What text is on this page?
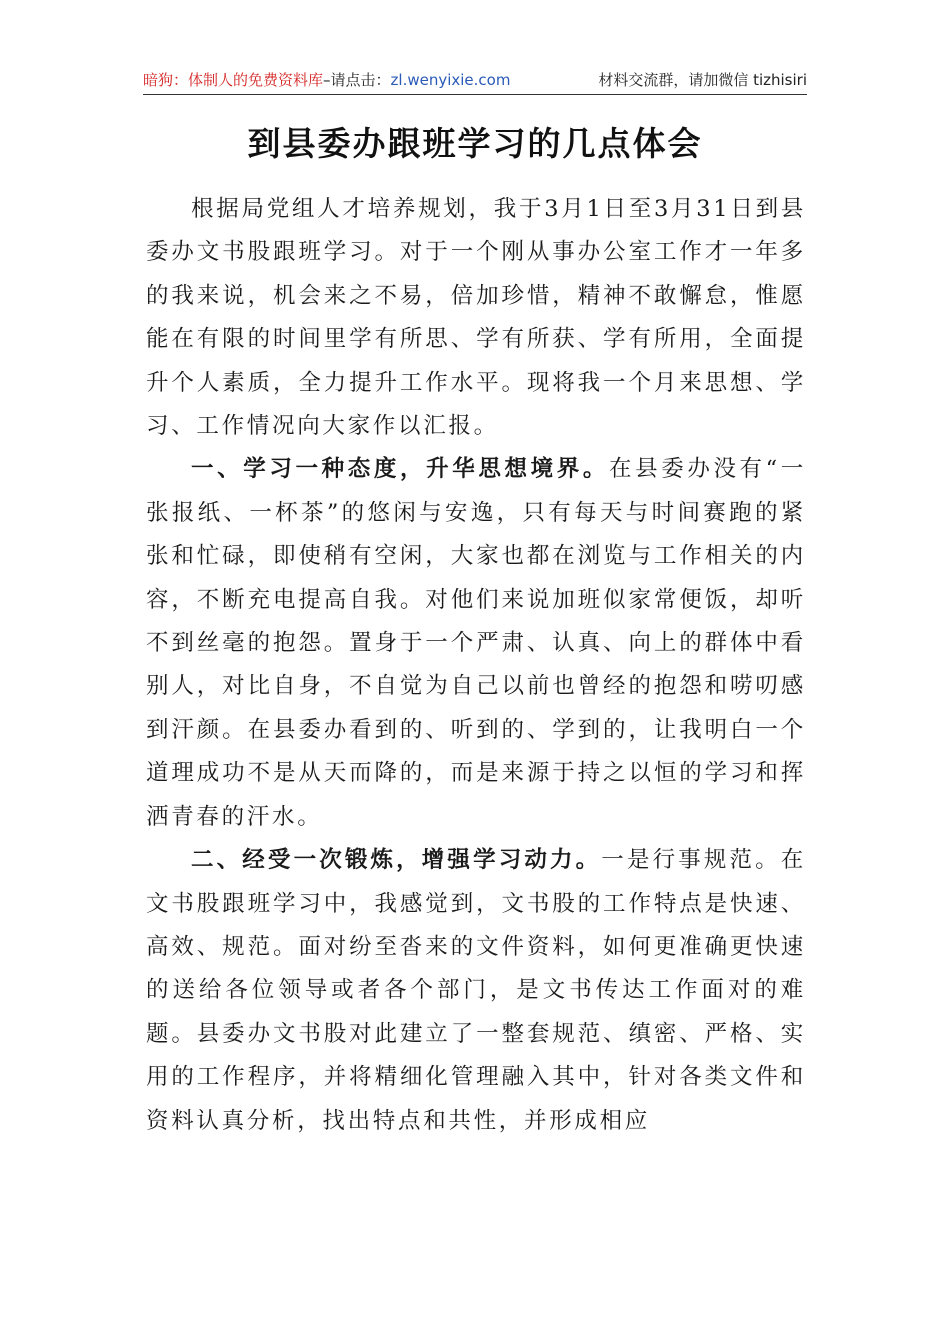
暗狗：体制人的免费资料库–请点击：zl.wenyixie.com	材料交流群，请加微信 tizhisiri
到县委办跟班学习的几点体会

根据局党组人才培养规划，我于3月1日至3月31日到县委办文书股跟班学习。对于一个刚从事办公室工作才一年多的我来说，机会来之不易，倍加珍惜，精神不敢懈怠，惟愿能在有限的时间里学有所思、学有所获、学有所用，全面提升个人素质，全力提升工作水平。现将我一个月来思想、学习、工作情况向大家作以汇报。

一、学习一种态度，升华思想境界。在县委办没有“一张报纸、一杯茶”的悠闲与安逸，只有每天与时间赛跑的紧张和忙碌，即使稍有空闲，大家也都在浏览与工作相关的内容，不断充电提高自我。对他们来说加班似家常便饭，却听不到丝毫的抱怨。置身于一个严肃、认真、向上的群体中看别人，对比自身，不自觉为自己以前也曾经的抱怨和唠叨感到汗颜。在县委办看到的、听到的、学到的，让我明白一个道理成功不是从天而降的，而是来源于持之以恒的学习和挥洒青春的汗水。

二、经受一次锻炼，增强学习动力。一是行事规范。在文书股跟班学习中，我感觉到，文书股的工作特点是快速、高效、规范。面对纷至沓来的文件资料，如何更准确更快速的送给各位领导或者各个部门，是文书传达工作面对的难题。县委办文书股对此建立了一整套规范、缜密、严格、实用的工作程序，并将精细化管理融入其中，针对各类文件和资料认真分析，找出特点和共性，并形成相应
